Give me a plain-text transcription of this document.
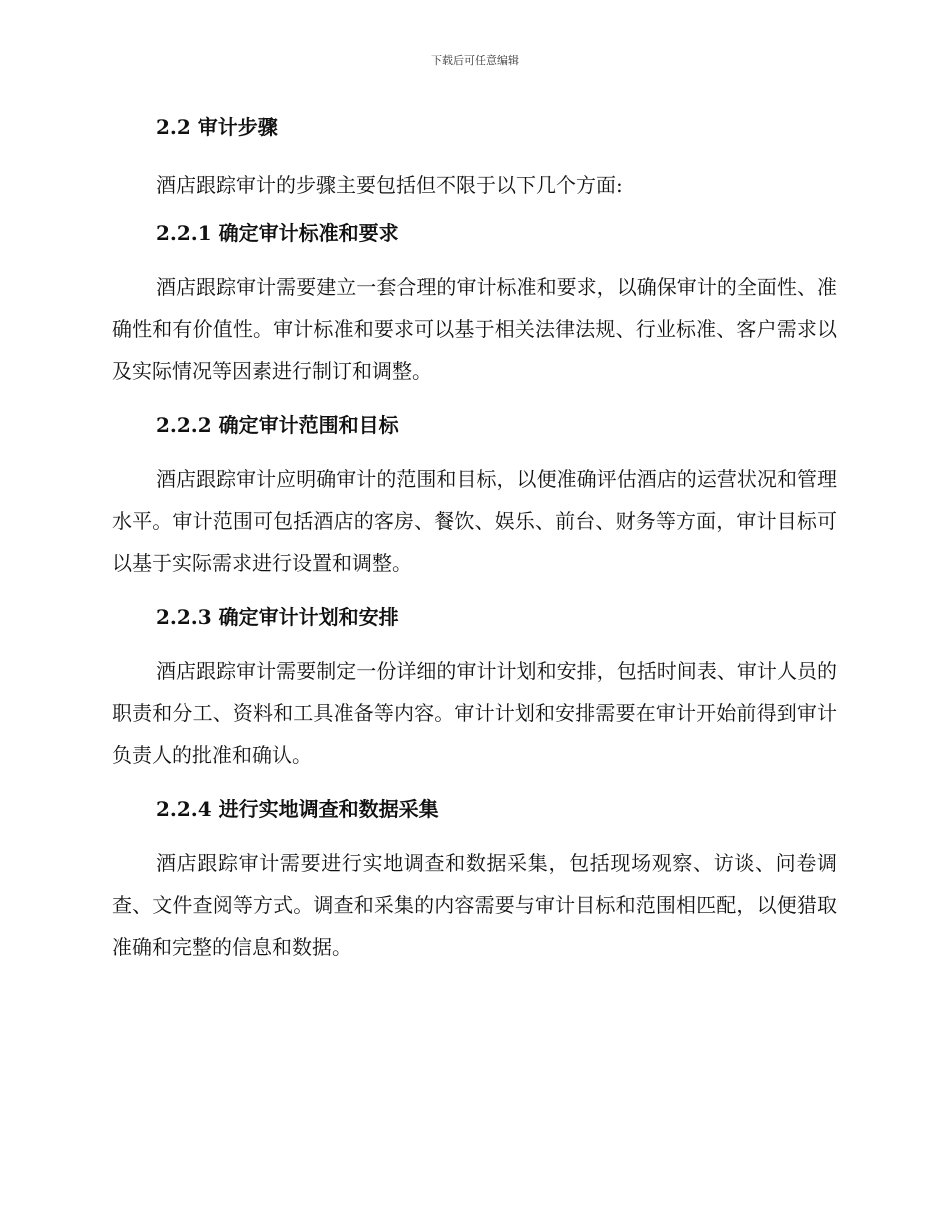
下载后可任意编辑
2.2 审计步骤

酒店跟踪审计的步骤主要包括但不限于以下几个方面:

2.2.1 确定审计标准和要求

酒店跟踪审计需要建立一套合理的审计标准和要求，以确保审计的全面性、准确性和有价值性。审计标准和要求可以基于相关法律法规、行业标准、客户需求以及实际情况等因素进行制订和调整。

2.2.2 确定审计范围和目标

酒店跟踪审计应明确审计的范围和目标，以便准确评估酒店的运营状况和管理水平。审计范围可包括酒店的客房、餐饮、娱乐、前台、财务等方面，审计目标可以基于实际需求进行设置和调整。

2.2.3 确定审计计划和安排

酒店跟踪审计需要制定一份详细的审计计划和安排，包括时间表、审计人员的职责和分工、资料和工具准备等内容。审计计划和安排需要在审计开始前得到审计负责人的批准和确认。

2.2.4 进行实地调查和数据采集

酒店跟踪审计需要进行实地调查和数据采集，包括现场观察、访谈、问卷调查、文件查阅等方式。调查和采集的内容需要与审计目标和范围相匹配，以便猎取准确和完整的信息和数据。
